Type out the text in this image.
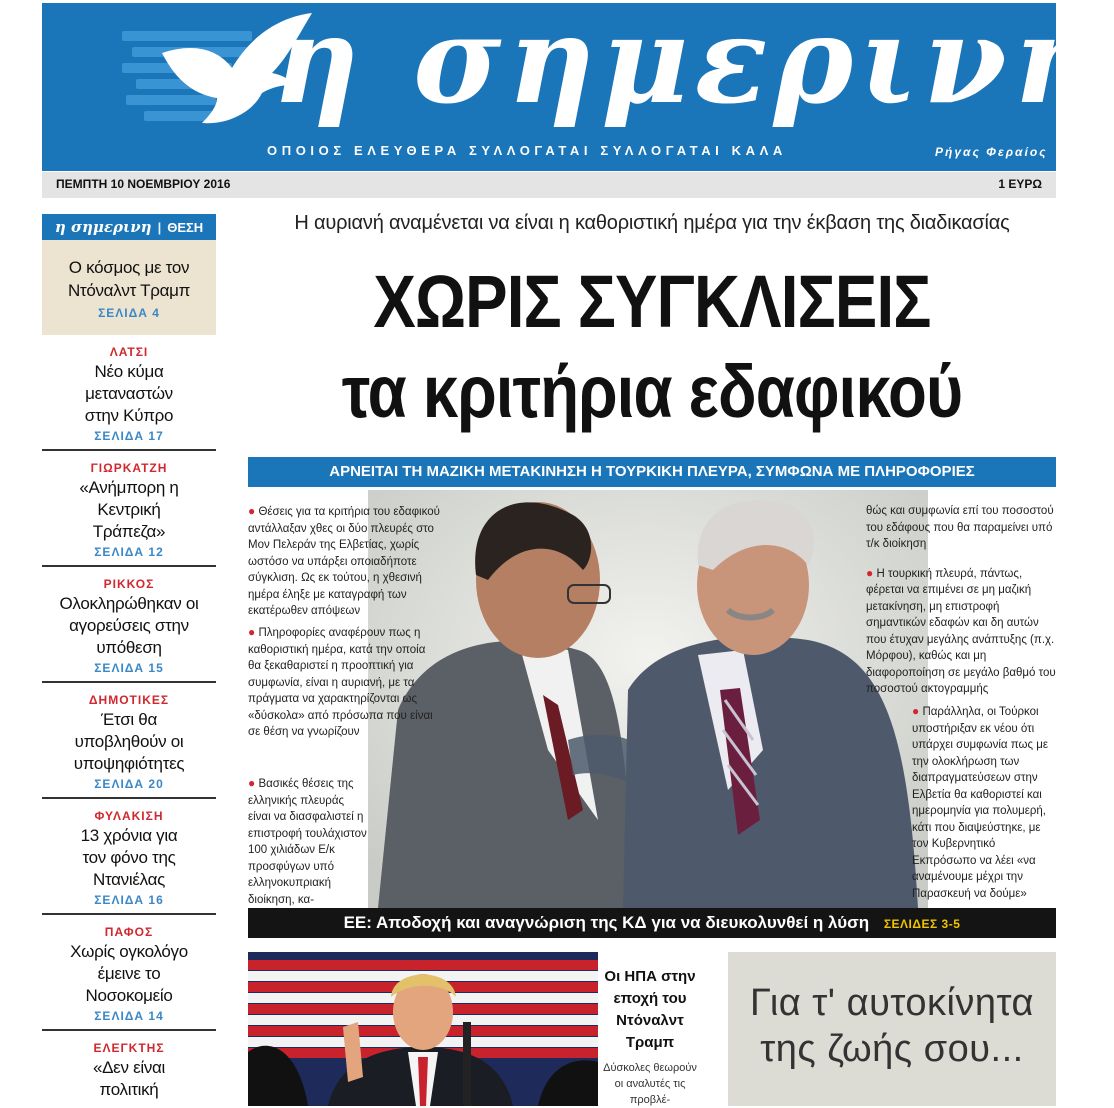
η σημερινη
ΟΠΟΙΟΣ ΕΛΕΥΘΕΡΑ ΣΥΛΛΟΓΑΤΑΙ ΣΥΛΛΟΓΑΤΑΙ ΚΑΛΑ	Ρήγας Φεραίος
ΠΕΜΠΤΗ 10 ΝΟΕΜΒΡΙΟΥ 2016	1 ΕΥΡΩ
η σημερινη | ΘΕΣΗ
Ο κόσμος με τον Ντόναλντ Τραμπ
ΣΕΛΙΔΑ 4
ΛΑΤΣΙ
Νέο κύμα μεταναστών στην Κύπρο
ΣΕΛΙΔΑ 17
ΓΙΩΡΚΑΤΖΗ
«Ανήμπορη η Κεντρική Τράπεζα»
ΣΕΛΙΔΑ 12
ΡΙΚΚΟΣ
Ολοκληρώθηκαν οι αγορεύσεις στην υπόθεση
ΣΕΛΙΔΑ 15
ΔΗΜΟΤΙΚΕΣ
Έτσι θα υποβληθούν οι υποψηφιότητες
ΣΕΛΙΔΑ 20
ΦΥΛΑΚΙΣΗ
13 χρόνια για τον φόνο της Ντανιέλας
ΣΕΛΙΔΑ 16
ΠΑΦΟΣ
Χωρίς ογκολόγο έμεινε το Νοσοκομείο
ΣΕΛΙΔΑ 14
ΕΛΕΓΚΤΗΣ
«Δεν είναι πολιτική
Η αυριανή αναμένεται να είναι η καθοριστική ημέρα για την έκβαση της διαδικασίας
ΧΩΡΙΣ ΣΥΓΚΛΙΣΕΙΣ
τα κριτήρια εδαφικού
ΑΡΝΕΙΤΑΙ ΤΗ ΜΑΖΙΚΗ ΜΕΤΑΚΙΝΗΣΗ Η ΤΟΥΡΚΙΚΗ ΠΛΕΥΡΑ, ΣΥΜΦΩΝΑ ΜΕ ΠΛΗΡΟΦΟΡΙΕΣ

● Θέσεις για τα κριτήρια του εδαφικού αντάλλαξαν χθες οι δύο πλευρές στο Μον Πελεράν της Ελβετίας, χωρίς ωστόσο να υπάρξει οποιαδήποτε σύγκλιση. Ως εκ τούτου, η χθεσινή ημέρα έληξε με καταγραφή των εκατέρωθεν απόψεων

● Πληροφορίες αναφέρουν πως η καθοριστική ημέρα, κατά την οποία θα ξεκαθαριστεί η προοπτική για συμφωνία, είναι η αυριανή, με τα πράγματα να χαρακτηρίζονται ως «δύσκολα» από πρόσωπα που είναι σε θέση να γνωρίζουν

● Βασικές θέσεις της ελληνικής πλευράς είναι να διασφαλιστεί η επιστροφή τουλάχιστον 100 χιλιάδων Ε/κ προσφύγων υπό ελληνοκυπριακή διοίκηση, κα-

θώς και συμφωνία επί του ποσοστού του εδάφους που θα παραμείνει υπό τ/κ διοίκηση

● Η τουρκική πλευρά, πάντως, φέρεται να επιμένει σε μη μαζική μετακίνηση, μη επιστροφή σημαντικών εδαφών και δη αυτών που έτυχαν μεγάλης ανάπτυξης (π.χ. Μόρφου), καθώς και μη διαφοροποίηση σε μεγάλο βαθμό του ποσοστού ακτογραμμής

● Παράλληλα, οι Τούρκοι υποστήριξαν εκ νέου ότι υπάρχει συμφωνία πως με την ολοκλήρωση των διαπραγματεύσεων στην Ελβετία θα καθοριστεί και ημερομηνία για πολυμερή, κάτι που διαψεύστηκε, με τον Κυβερνητικό Εκπρόσωπο να λέει «να αναμένουμε μέχρι την Παρασκευή να δούμε»

ΕΕ: Αποδοχή και αναγνώριση της ΚΔ για να διευκολυνθεί η λύση ΣΕΛΙΔΕΣ 3-5
Οι ΗΠΑ στην εποχή του Ντόναλντ Τραμπ
Δύσκολες θεωρούν οι αναλυτές τις προβλέ-
Για τ' αυτοκίνητα
της ζωής σου...
